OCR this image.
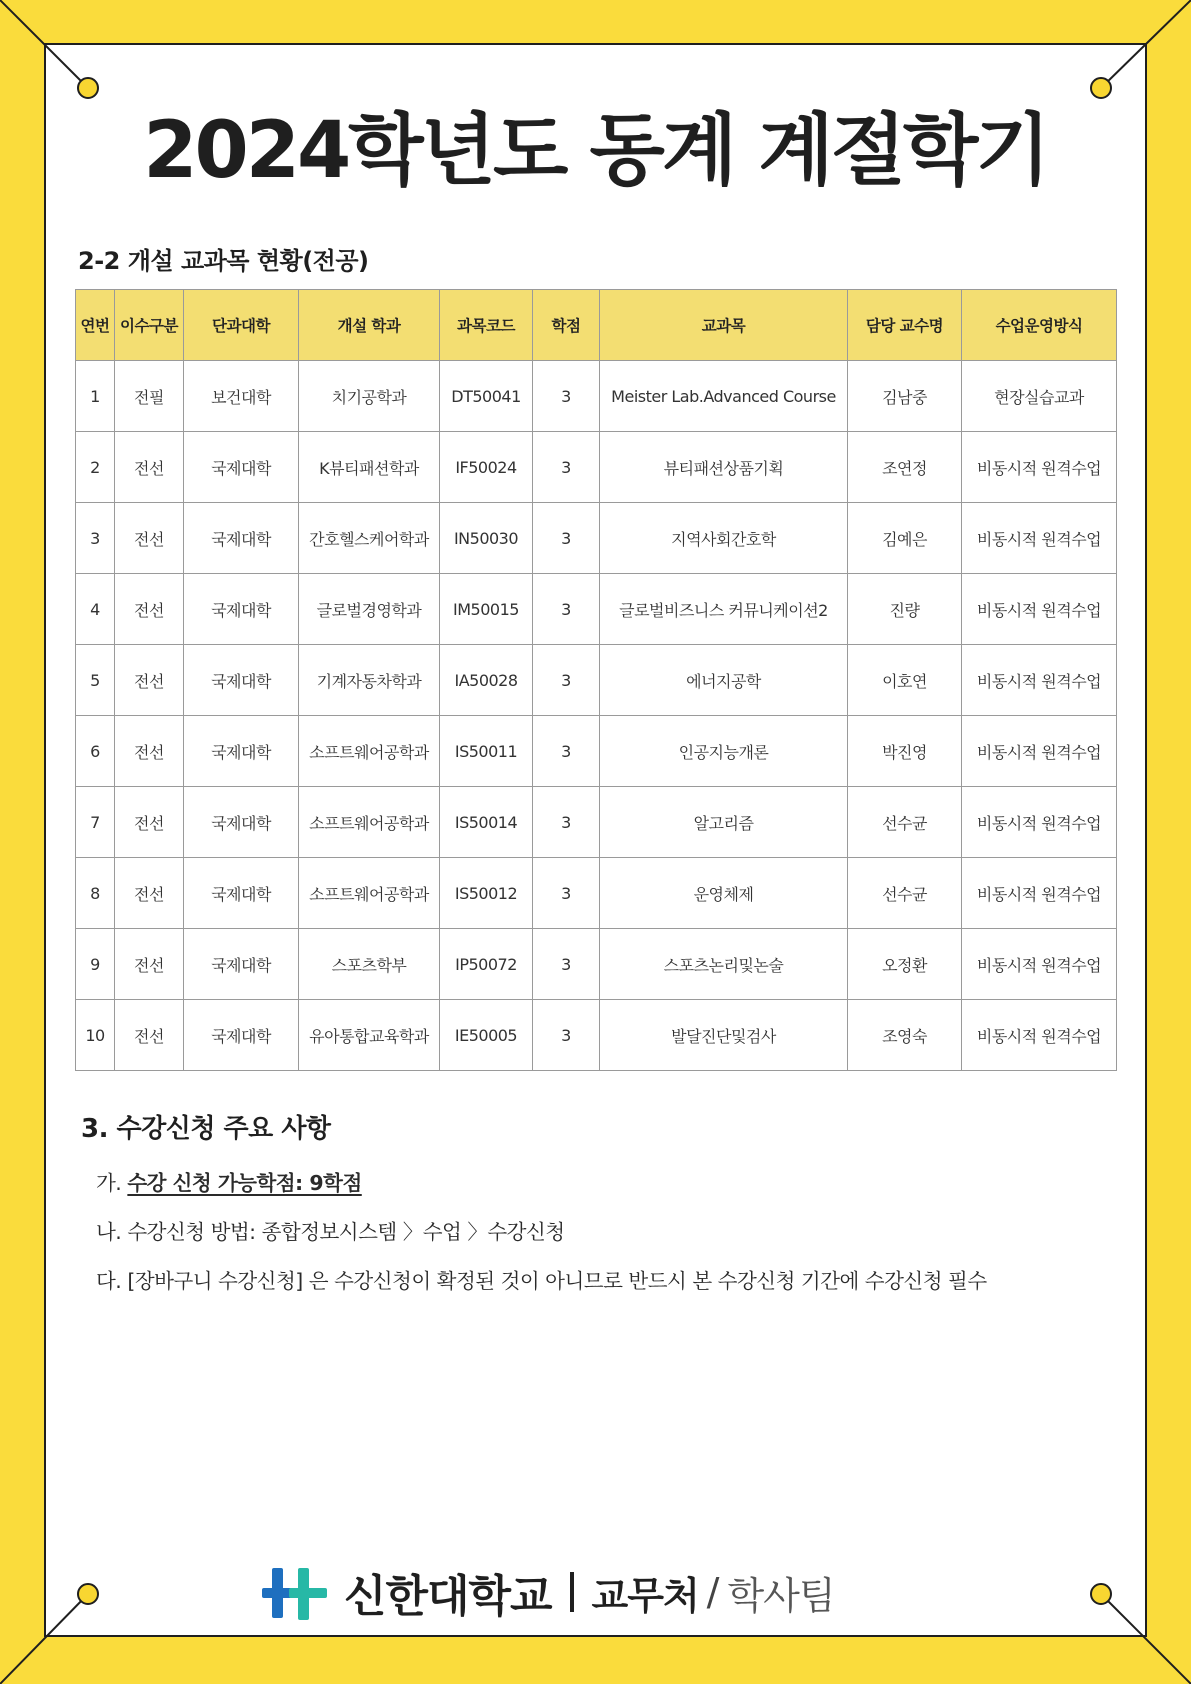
2024학년도 동계 계절학기
2-2 개설 교과목 현황(전공)
연번	이수구분	단과대학	개설 학과	과목코드	학점	교과목	담당 교수명	수업운영방식
1	전필	보건대학	치기공학과	DT50041	3	Meister Lab.Advanced Course	김남중	현장실습교과
2	전선	국제대학	K뷰티패션학과	IF50024	3	뷰티패션상품기획	조연정	비동시적 원격수업
3	전선	국제대학	간호헬스케어학과	IN50030	3	지역사회간호학	김예은	비동시적 원격수업
4	전선	국제대학	글로벌경영학과	IM50015	3	글로벌비즈니스 커뮤니케이션2	진량	비동시적 원격수업
5	전선	국제대학	기계자동차학과	IA50028	3	에너지공학	이호연	비동시적 원격수업
6	전선	국제대학	소프트웨어공학과	IS50011	3	인공지능개론	박진영	비동시적 원격수업
7	전선	국제대학	소프트웨어공학과	IS50014	3	알고리즘	선수균	비동시적 원격수업
8	전선	국제대학	소프트웨어공학과	IS50012	3	운영체제	선수균	비동시적 원격수업
9	전선	국제대학	스포츠학부	IP50072	3	스포츠논리및논술	오정환	비동시적 원격수업
10	전선	국제대학	유아통합교육학과	IE50005	3	발달진단및검사	조영숙	비동시적 원격수업
3. 수강신청 주요 사항
가. 수강 신청 가능학점: 9학점
나. 수강신청 방법: 종합정보시스템 〉수업 〉수강신청
다. [장바구니 수강신청] 은 수강신청이 확정된 것이 아니므로 반드시 본 수강신청 기간에 수강신청 필수
신한대학교 교무처 / 학사팀
